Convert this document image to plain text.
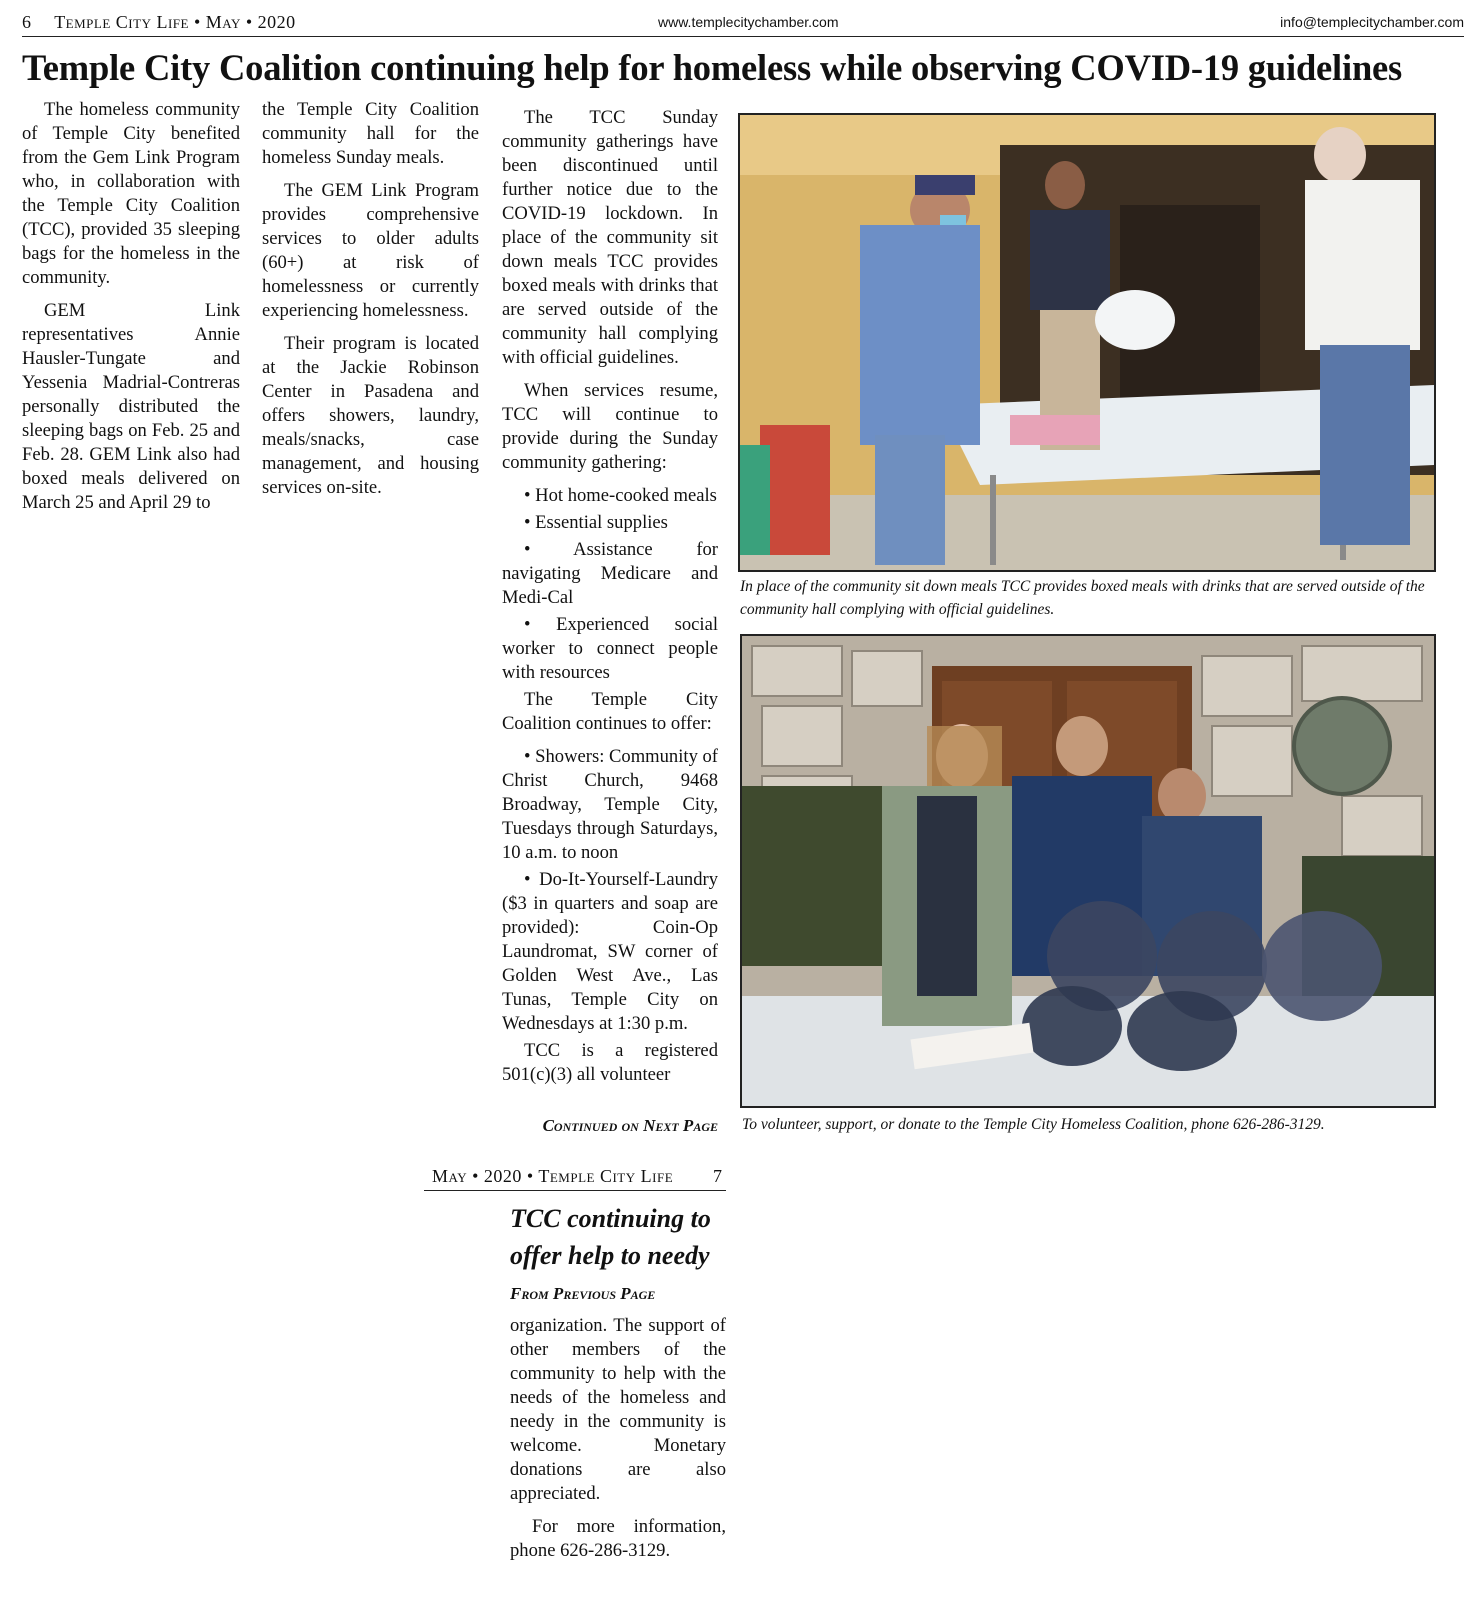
6 Temple City Life • May • 2020	www.templecitychamber.com	info@templecitychamber.com
Temple City Coalition continuing help for homeless while observing COVID-19 guidelines

The homeless community of Temple City benefited from the Gem Link Program who, in collaboration with the Temple City Coalition (TCC), provided 35 sleeping bags for the homeless in the community.

GEM Link representatives Annie Hausler-Tungate and Yessenia Madrial-Contreras personally distributed the sleeping bags on Feb. 25 and Feb. 28. GEM Link also had boxed meals delivered on March 25 and April 29 to

the Temple City Coalition community hall for the homeless Sunday meals.

The GEM Link Program provides comprehensive services to older adults (60+) at risk of homelessness or currently experiencing homelessness.

Their program is located at the Jackie Robinson Center in Pasadena and offers showers, laundry, meals/snacks, case management, and housing services on-site.

The TCC Sunday community gatherings have been discontinued until further notice due to the COVID-19 lockdown. In place of the community sit down meals TCC provides boxed meals with drinks that are served outside of the community hall complying with official guidelines.

When services resume, TCC will continue to provide during the Sunday community gathering:

• Hot home-cooked meals

• Essential supplies

• Assistance for navigating Medicare and Medi-Cal

• Experienced social worker to connect people with resources

The Temple City Coalition continues to offer:

• Showers: Community of Christ Church, 9468 Broadway, Temple City, Tuesdays through Saturdays, 10 a.m. to noon

• Do-It-Yourself-Laundry ($3 in quarters and soap are provided): Coin-Op Laundromat, SW corner of Golden West Ave., Las Tunas, Temple City on Wednesdays at 1:30 p.m.

TCC is a registered 501(c)(3) all volunteer

Continued on Next Page
In place of the community sit down meals TCC provides boxed meals with drinks that are served outside of the community hall complying with official guidelines.
To volunteer, support, or donate to the Temple City Homeless Coalition, phone 626-286-3129.
May • 2020 • Temple City Life 7
TCC continuing to offer help to needy
From Previous Page

organization. The support of other members of the community to help with the needs of the homeless and needy in the community is welcome. Monetary donations are also appreciated.

For more information, phone 626-286-3129.
